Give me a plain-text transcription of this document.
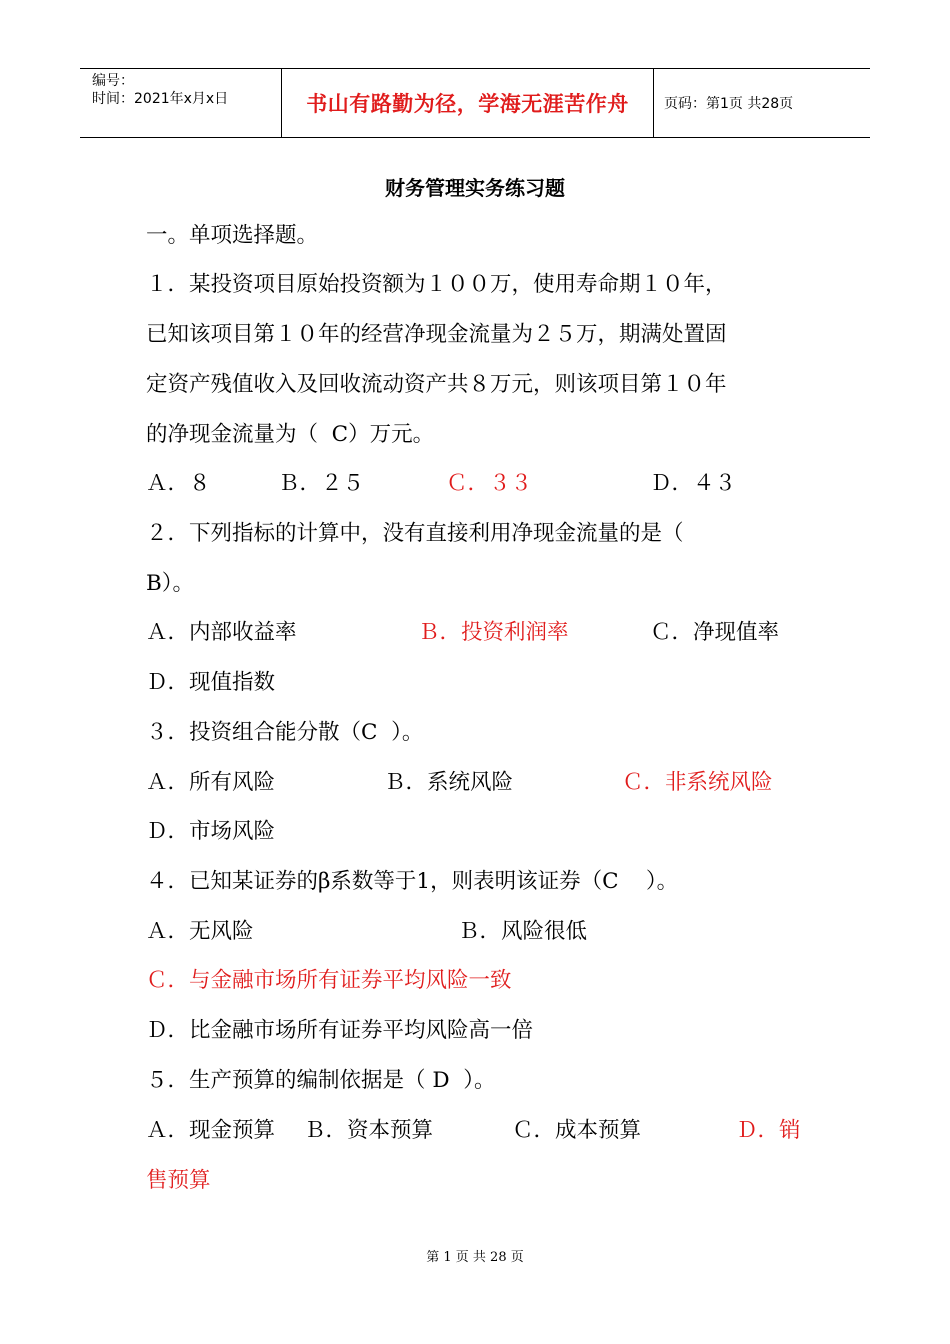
编号：
时间：2021年x月x日	书山有路勤为径，学海无涯苦作舟	页码：第1页 共28页
财务管理实务练习题
一。单项选择题。
１．某投资项目原始投资额为１００万，使用寿命期１０年，
已知该项目第１０年的经营净现金流量为２５万，期满处置固
定资产残值收入及回收流动资产共８万元，则该项目第１０年
的净现金流量为（  C）万元。
Ａ．８	Ｂ．２５	Ｃ．３３	Ｄ．４３
２．下列指标的计算中，没有直接利用净现金流量的是（
B）。
Ａ．内部收益率	Ｂ．投资利润率	Ｃ．净现值率
Ｄ．现值指数
３．投资组合能分散（C  ）。
Ａ．所有风险	Ｂ．系统风险	Ｃ．非系统风险
Ｄ．市场风险
４．已知某证券的β系数等于1，则表明该证券（C    ）。
Ａ．无风险	Ｂ．风险很低
Ｃ．与金融市场所有证券平均风险一致
Ｄ．比金融市场所有证券平均风险高一倍
５．生产预算的编制依据是（ D  ）。
Ａ．现金预算 Ｂ．资本预算	Ｃ．成本预算	Ｄ．销
售预算
第 1 页 共 28 页
